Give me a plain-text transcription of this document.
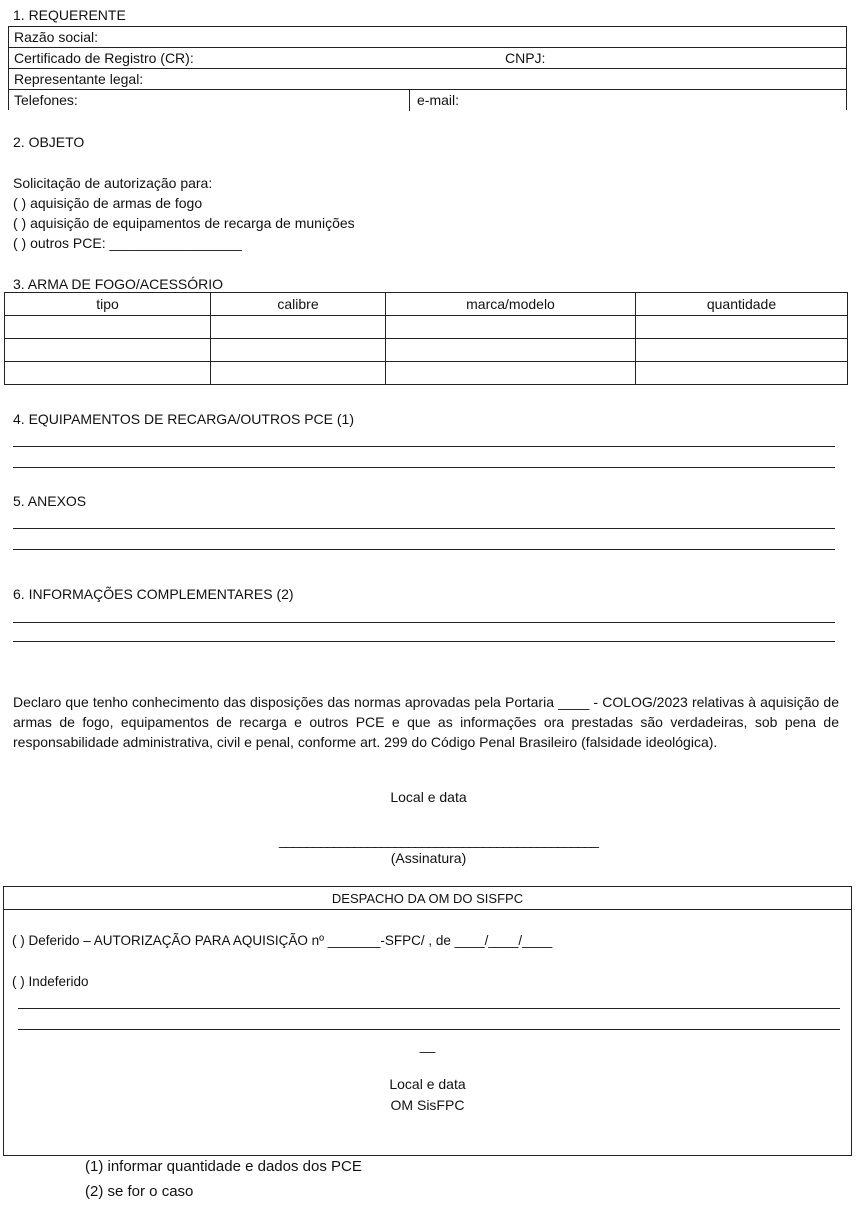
1. REQUERENTE
Razão social:
Certificado de Registro (CR):	CNPJ:
Representante legal:
Telefones:	e-mail:
2. OBJETO
Solicitação de autorização para:
( ) aquisição de armas de fogo
( ) aquisição de equipamentos de recarga de munições
( ) outros PCE: _________________
3. ARMA DE FOGO/ACESSÓRIO
tipo	calibre	marca/modelo	quantidade

4. EQUIPAMENTOS DE RECARGA/OUTROS PCE (1)
5. ANEXOS
6. INFORMAÇÕES COMPLEMENTARES (2)
Declaro que tenho conhecimento das disposições das normas aprovadas pela Portaria ____ - COLOG/2023 relativas à aquisição de armas de fogo, equipamentos de recarga e outros PCE e que as informações ora prestadas são verdadeiras, sob pena de responsabilidade administrativa, civil e penal, conforme art. 299 do Código Penal Brasileiro (falsidade ideológica).
Local e data
_______________________________________________
(Assinatura)
DESPACHO DA OM DO SISFPC
( ) Deferido – AUTORIZAÇÃO PARA AQUISIÇÃO nº _______-SFPC/ , de ____/____/____
( ) Indeferido
__
Local e data
OM SisFPC
(1) informar quantidade e dados dos PCE
(2) se for o caso
